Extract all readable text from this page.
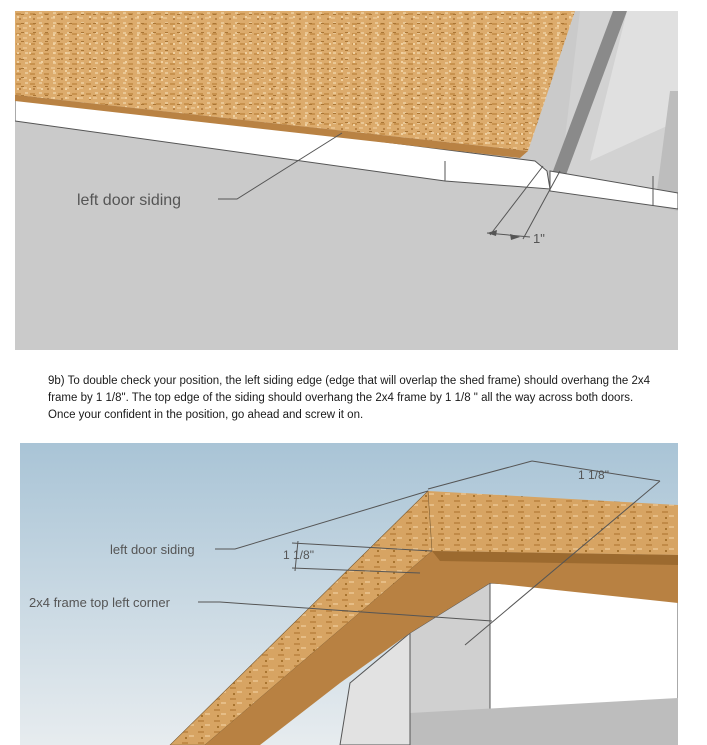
left door siding
1"
9b) To double check your position, the left siding edge (edge that will overlap the shed frame) should overhang the 2x4
frame by 1 1/8". The top edge of the siding should overhang the 2x4 frame by 1 1/8 " all the way across both doors.
Once your confident in the position, go ahead and screw it on.
1 1/8"
1 1/8"
left door siding
2x4 frame top left corner
